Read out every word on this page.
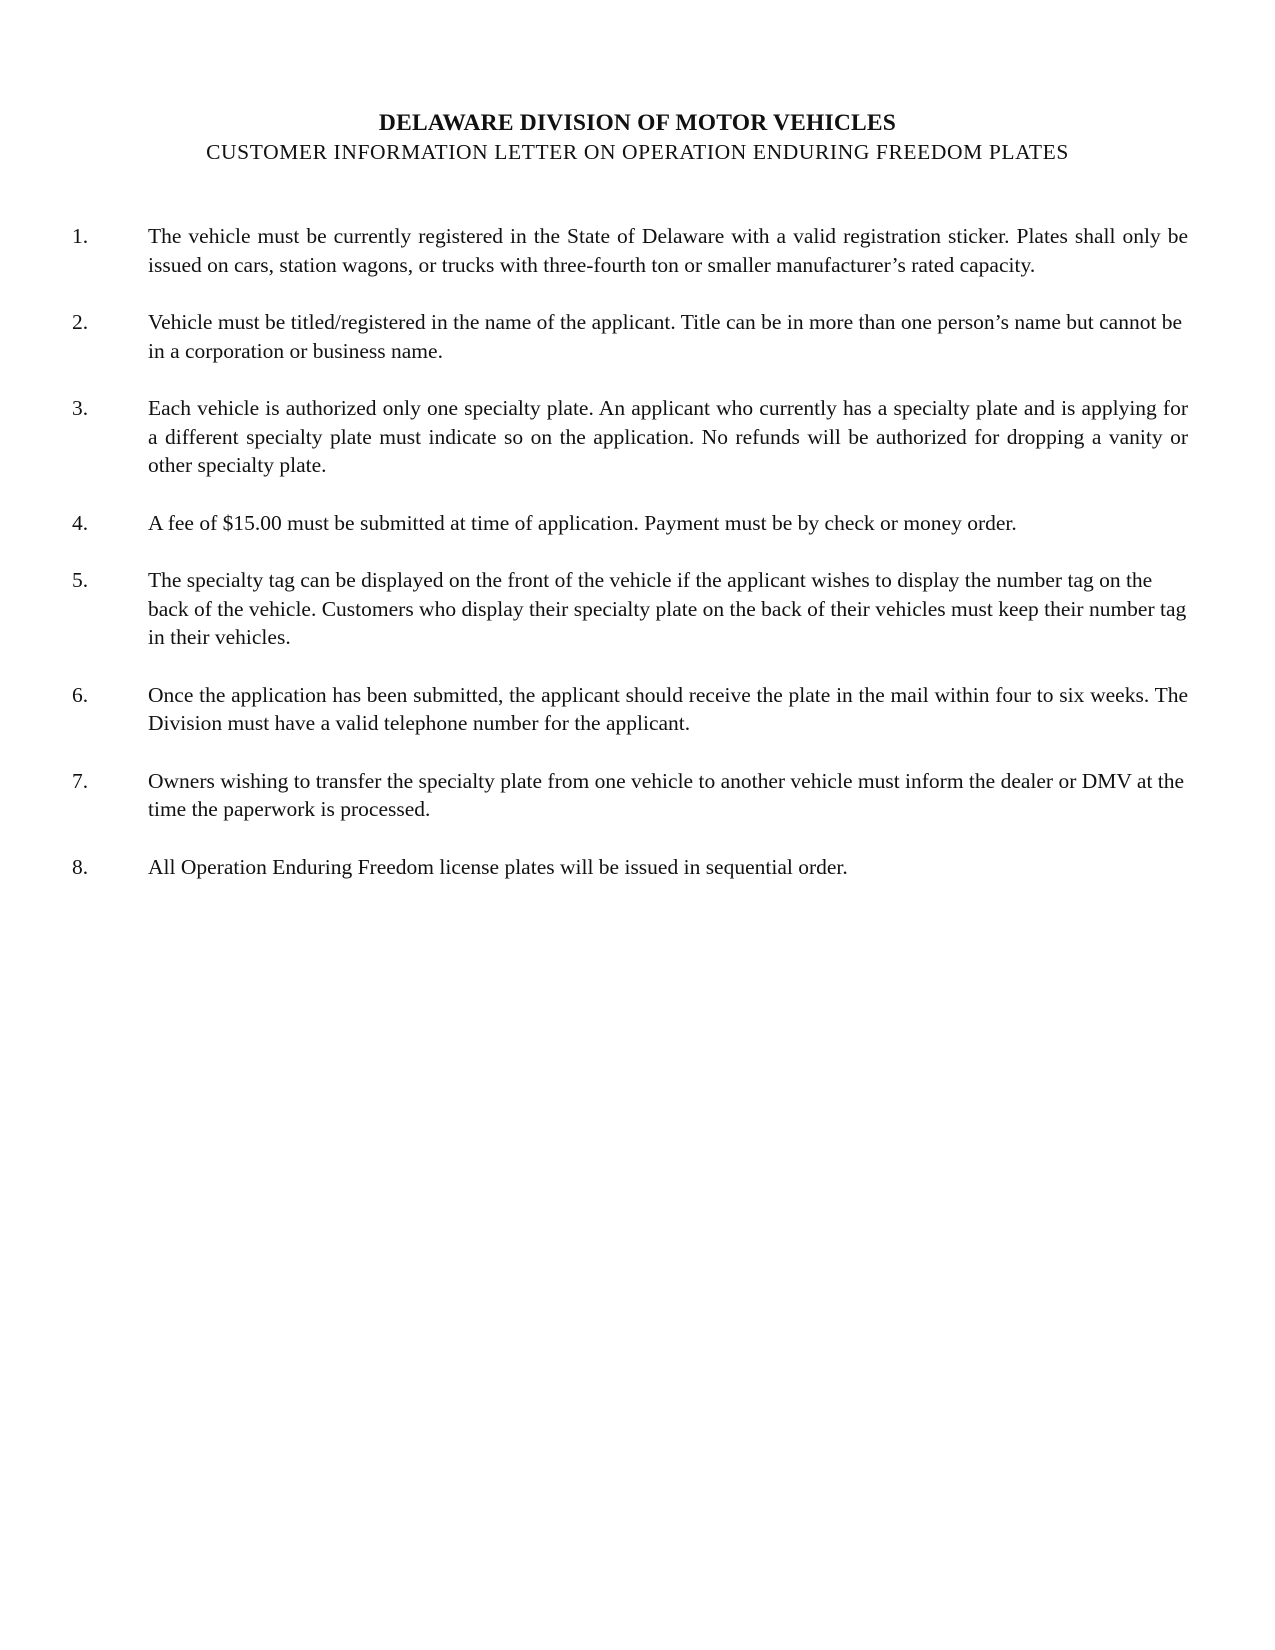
DELAWARE DIVISION OF MOTOR VEHICLES
CUSTOMER INFORMATION LETTER ON OPERATION ENDURING FREEDOM PLATES
1.	The vehicle must be currently registered in the State of Delaware with a valid registration sticker. Plates shall only be issued on cars, station wagons, or trucks with three-fourth ton or smaller manufacturer’s rated capacity.
2.	Vehicle must be titled/registered in the name of the applicant. Title can be in more than one person’s name but cannot be in a corporation or business name.
3.	Each vehicle is authorized only one specialty plate. An applicant who currently has a specialty plate and is applying for a different specialty plate must indicate so on the application. No refunds will be authorized for dropping a vanity or other specialty plate.
4.	A fee of $15.00 must be submitted at time of application. Payment must be by check or money order.
5.	The specialty tag can be displayed on the front of the vehicle if the applicant wishes to display the number tag on the back of the vehicle. Customers who display their specialty plate on the back of their vehicles must keep their number tag in their vehicles.
6.	Once the application has been submitted, the applicant should receive the plate in the mail within four to six weeks. The Division must have a valid telephone number for the applicant.
7.	Owners wishing to transfer the specialty plate from one vehicle to another vehicle must inform the dealer or DMV at the time the paperwork is processed.
8.	All Operation Enduring Freedom license plates will be issued in sequential order.
